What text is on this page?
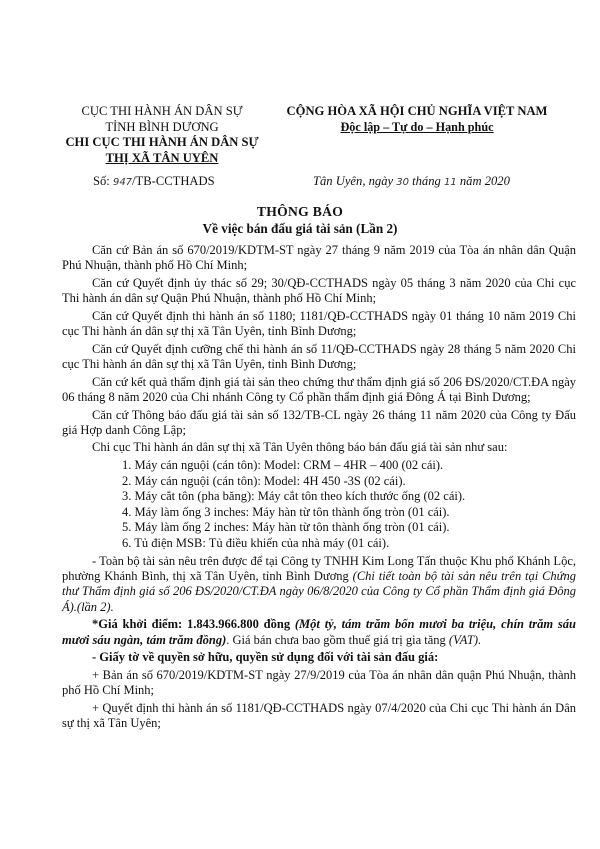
CỤC THI HÀNH ÁN DÂN SỰ
TỈNH BÌNH DƯƠNG
CHI CỤC THI HÀNH ÁN DÂN SỰ
THỊ XÃ TÂN UYÊN
CỘNG HÒA XÃ HỘI CHỦ NGHĨA VIỆT NAM
Độc lập – Tự do – Hạnh phúc
Số: 947/TB-CCTHADS	Tân Uyên, ngày 30 tháng 11 năm 2020
THÔNG BÁO
Về việc bán đấu giá tài sản (Lần 2)

Căn cứ Bản án số 670/2019/KDTM-ST ngày 27 tháng 9 năm 2019 của Tòa án nhân dân Quận Phú Nhuận, thành phố Hồ Chí Minh;

Căn cứ Quyết định ủy thác số 29; 30/QĐ-CCTHADS ngày 05 tháng 3 năm 2020 của Chi cục Thi hành án dân sự Quận Phú Nhuận, thành phố Hồ Chí Minh;

Căn cứ Quyết định thi hành án số 1180; 1181/QĐ-CCTHADS ngày 01 tháng 10 năm 2019 Chi cục Thi hành án dân sự thị xã Tân Uyên, tỉnh Bình Dương;

Căn cứ Quyết định cưỡng chế thi hành án số 11/QĐ-CCTHADS ngày 28 tháng 5 năm 2020 Chi cục Thi hành án dân sự thị xã Tân Uyên, tỉnh Bình Dương;

Căn cứ kết quả thẩm định giá tài sản theo chứng thư thẩm định giá số 206 ĐS/2020/CT.ĐA ngày 06 tháng 8 năm 2020 của Chi nhánh Công ty Cổ phần thẩm định giá Đông Á tại Bình Dương;

Căn cứ Thông báo đấu giá tài sản số 132/TB-CL ngày 26 tháng 11 năm 2020 của Công ty Đấu giá Hợp danh Công Lập;

Chi cục Thi hành án dân sự thị xã Tân Uyên thông báo bán đấu giá tài sản như sau:

1. Máy cán nguội (cán tôn): Model: CRM – 4HR – 400 (02 cái).
2. Máy cán nguội (cán tôn): Model: 4H 450 -3S (02 cái).
3. Máy cắt tôn (pha băng): Máy cắt tôn theo kích thước ống (02 cái).
4. Máy làm ống 3 inches: Máy hàn từ tôn thành ống tròn (01 cái).
5. Máy làm ống 2 inches: Máy hàn từ tôn thành ống tròn (01 cái).
6. Tủ điện MSB: Tủ điều khiển của nhà máy (01 cái).

- Toàn bộ tài sản nêu trên được để tại Công ty TNHH Kim Long Tấn thuộc Khu phố Khánh Lộc, phường Khánh Bình, thị xã Tân Uyên, tỉnh Bình Dương (Chi tiết toàn bộ tài sản nêu trên tại Chứng thư Thẩm định giá số 206 ĐS/2020/CT.ĐA ngày 06/8/2020 của Công ty Cổ phần Thẩm định giá Đông Á).(lần 2).

*Giá khởi điểm: 1.843.966.800 đồng (Một tỷ, tám trăm bốn mươi ba triệu, chín trăm sáu mươi sáu ngàn, tám trăm đồng). Giá bán chưa bao gồm thuế giá trị gia tăng (VAT).

- Giấy tờ về quyền sở hữu, quyền sử dụng đối với tài sản đấu giá:

+ Bản án số 670/2019/KDTM-ST ngày 27/9/2019 của Tòa án nhân dân quận Phú Nhuận, thành phố Hồ Chí Minh;

+ Quyết định thi hành án số 1181/QĐ-CCTHADS ngày 07/4/2020 của Chi cục Thi hành án Dân sự thị xã Tân Uyên;
